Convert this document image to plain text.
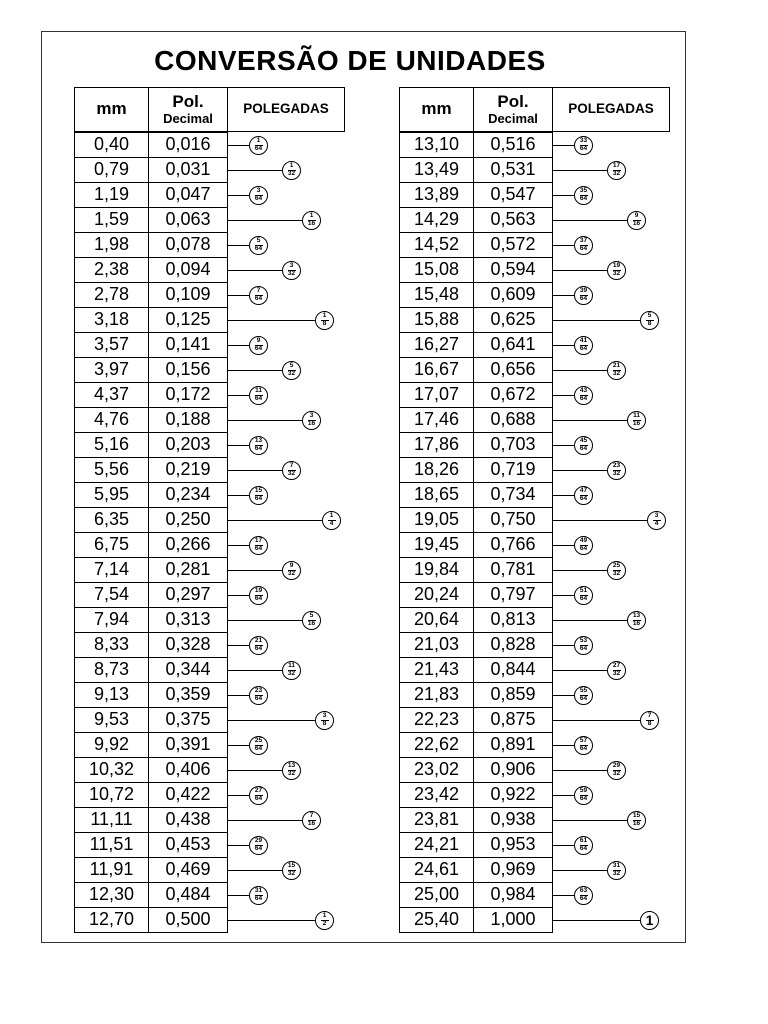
CONVERSÃO DE UNIDADES
mm	Pol.
Decimal
POLEGADAS
0,40	0,016	$\frac{1}{64}$
0,79	0,031	$\frac{1}{32}$
1,19	0,047	$\frac{3}{64}$
1,59	0,063	$\frac{1}{16}$
1,98	0,078	$\frac{5}{64}$
2,38	0,094	$\frac{3}{32}$
2,78	0,109	$\frac{7}{64}$
3,18	0,125	$\frac{1}{8}$
3,57	0,141	$\frac{9}{64}$
3,97	0,156	$\frac{5}{32}$
4,37	0,172	$\frac{11}{64}$
4,76	0,188	$\frac{3}{16}$
5,16	0,203	$\frac{13}{64}$
5,56	0,219	$\frac{7}{32}$
5,95	0,234	$\frac{15}{64}$
6,35	0,250	$\frac{1}{4}$
6,75	0,266	$\frac{17}{64}$
7,14	0,281	$\frac{9}{32}$
7,54	0,297	$\frac{19}{64}$
7,94	0,313	$\frac{5}{16}$
8,33	0,328	$\frac{21}{64}$
8,73	0,344	$\frac{11}{32}$
9,13	0,359	$\frac{23}{64}$
9,53	0,375	$\frac{3}{8}$
9,92	0,391	$\frac{25}{64}$
10,32	0,406	$\frac{13}{32}$
10,72	0,422	$\frac{27}{64}$
11,11	0,438	$\frac{7}{16}$
11,51	0,453	$\frac{29}{64}$
11,91	0,469	$\frac{15}{32}$
12,30	0,484	$\frac{31}{64}$
12,70	0,500	$\frac{1}{2}$
mm	Pol.
Decimal
POLEGADAS
13,10	0,516	$\frac{33}{64}$
13,49	0,531	$\frac{17}{32}$
13,89	0,547	$\frac{35}{64}$
14,29	0,563	$\frac{9}{16}$
14,52	0,572	$\frac{37}{64}$
15,08	0,594	$\frac{19}{32}$
15,48	0,609	$\frac{39}{64}$
15,88	0,625	$\frac{5}{8}$
16,27	0,641	$\frac{41}{64}$
16,67	0,656	$\frac{21}{32}$
17,07	0,672	$\frac{43}{64}$
17,46	0,688	$\frac{11}{16}$
17,86	0,703	$\frac{45}{64}$
18,26	0,719	$\frac{23}{32}$
18,65	0,734	$\frac{47}{64}$
19,05	0,750	$\frac{3}{4}$
19,45	0,766	$\frac{49}{64}$
19,84	0,781	$\frac{25}{32}$
20,24	0,797	$\frac{51}{64}$
20,64	0,813	$\frac{13}{16}$
21,03	0,828	$\frac{53}{64}$
21,43	0,844	$\frac{27}{32}$
21,83	0,859	$\frac{55}{64}$
22,23	0,875	$\frac{7}{8}$
22,62	0,891	$\frac{57}{64}$
23,02	0,906	$\frac{29}{32}$
23,42	0,922	$\frac{59}{64}$
23,81	0,938	$\frac{15}{16}$
24,21	0,953	$\frac{61}{64}$
24,61	0,969	$\frac{31}{32}$
25,00	0,984	$\frac{63}{64}$
25,40	1,000	1
